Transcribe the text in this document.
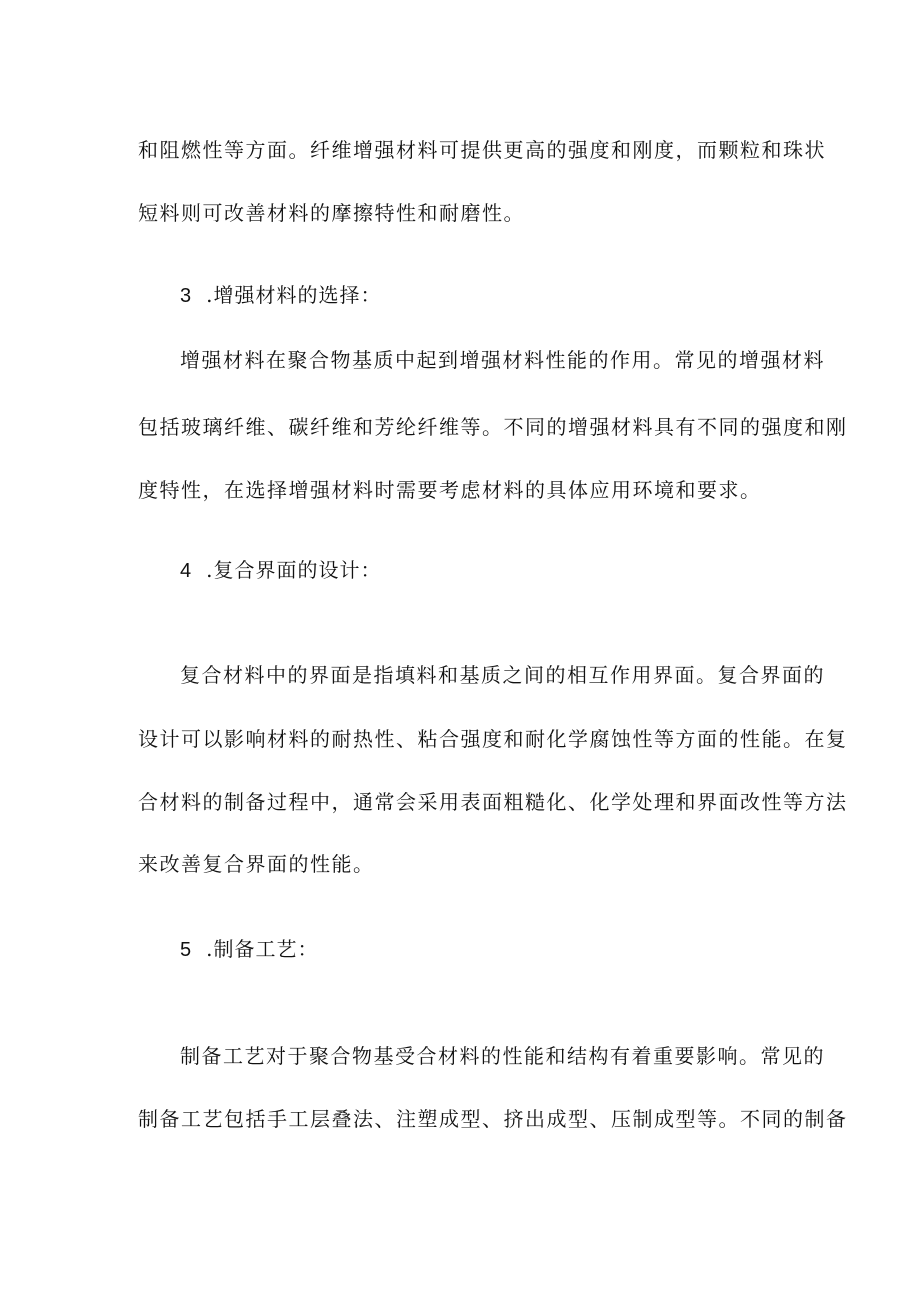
和阻燃性等方面。纤维增强材料可提供更高的强度和刚度，而颗粒和珠状
短料则可改善材料的摩擦特性和耐磨性。
3 .增强材料的选择：
增强材料在聚合物基质中起到增强材料性能的作用。常见的增强材料
包括玻璃纤维、碳纤维和芳纶纤维等。不同的增强材料具有不同的强度和刚
度特性，在选择增强材料时需要考虑材料的具体应用环境和要求。
4 .复合界面的设计：
复合材料中的界面是指填料和基质之间的相互作用界面。复合界面的
设计可以影响材料的耐热性、粘合强度和耐化学腐蚀性等方面的性能。在复
合材料的制备过程中，通常会采用表面粗糙化、化学处理和界面改性等方法
来改善复合界面的性能。
5 .制备工艺：
制备工艺对于聚合物基受合材料的性能和结构有着重要影响。常见的
制备工艺包括手工层叠法、注塑成型、挤出成型、压制成型等。不同的制备
